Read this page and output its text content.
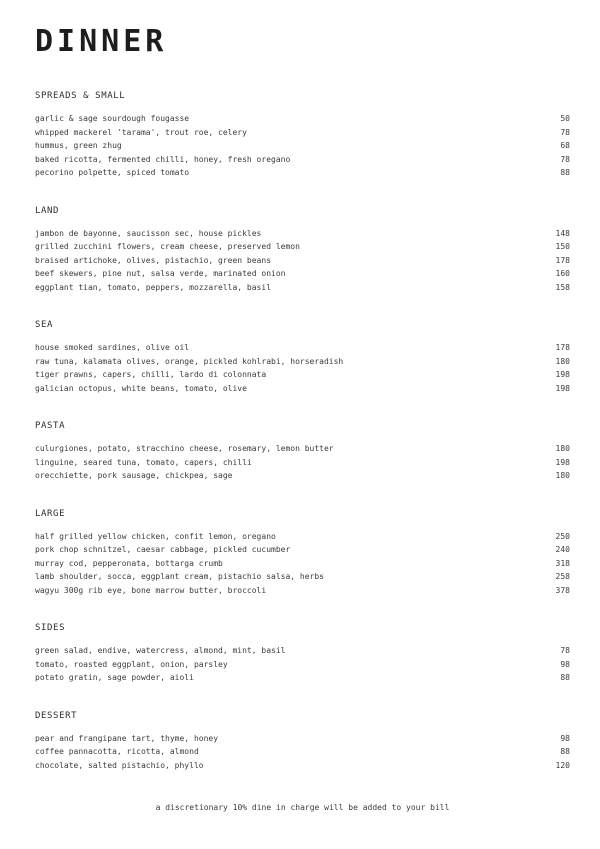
DINNER
SPREADS & SMALL
garlic & sage sourdough fougasse	50
whipped mackerel 'tarama', trout roe, celery	78
hummus, green zhug	68
baked ricotta, fermented chilli, honey, fresh oregano	78
pecorino polpette, spiced tomato	88
LAND
jambon de bayonne, saucisson sec, house pickles	148
grilled zucchini flowers, cream cheese, preserved lemon	150
braised artichoke, olives, pistachio, green beans	178
beef skewers, pine nut, salsa verde, marinated onion	160
eggplant tian, tomato, peppers, mozzarella, basil	158
SEA
house smoked sardines, olive oil	178
raw tuna, kalamata olives, orange, pickled kohlrabi, horseradish	180
tiger prawns, capers, chilli, lardo di colonnata	198
galician octopus, white beans, tomato, olive	198
PASTA
culurgiones, potato, stracchino cheese, rosemary, lemon butter	180
linguine, seared tuna, tomato, capers, chilli	198
orecchiette, pork sausage, chickpea, sage	180
LARGE
half grilled yellow chicken, confit lemon, oregano	250
pork chop schnitzel, caesar cabbage, pickled cucumber	240
murray cod, pepperonata, bottarga crumb	318
lamb shoulder, socca, eggplant cream, pistachio salsa, herbs	258
wagyu 300g rib eye, bone marrow butter, broccoli	378
SIDES
green salad, endive, watercress, almond, mint, basil	78
tomato, roasted eggplant, onion, parsley	98
potato gratin, sage powder, aioli	88
DESSERT
pear and frangipane tart, thyme, honey	98
coffee pannacotta, ricotta, almond	88
chocolate, salted pistachio, phyllo	120
a discretionary 10% dine in charge will be added to your bill
